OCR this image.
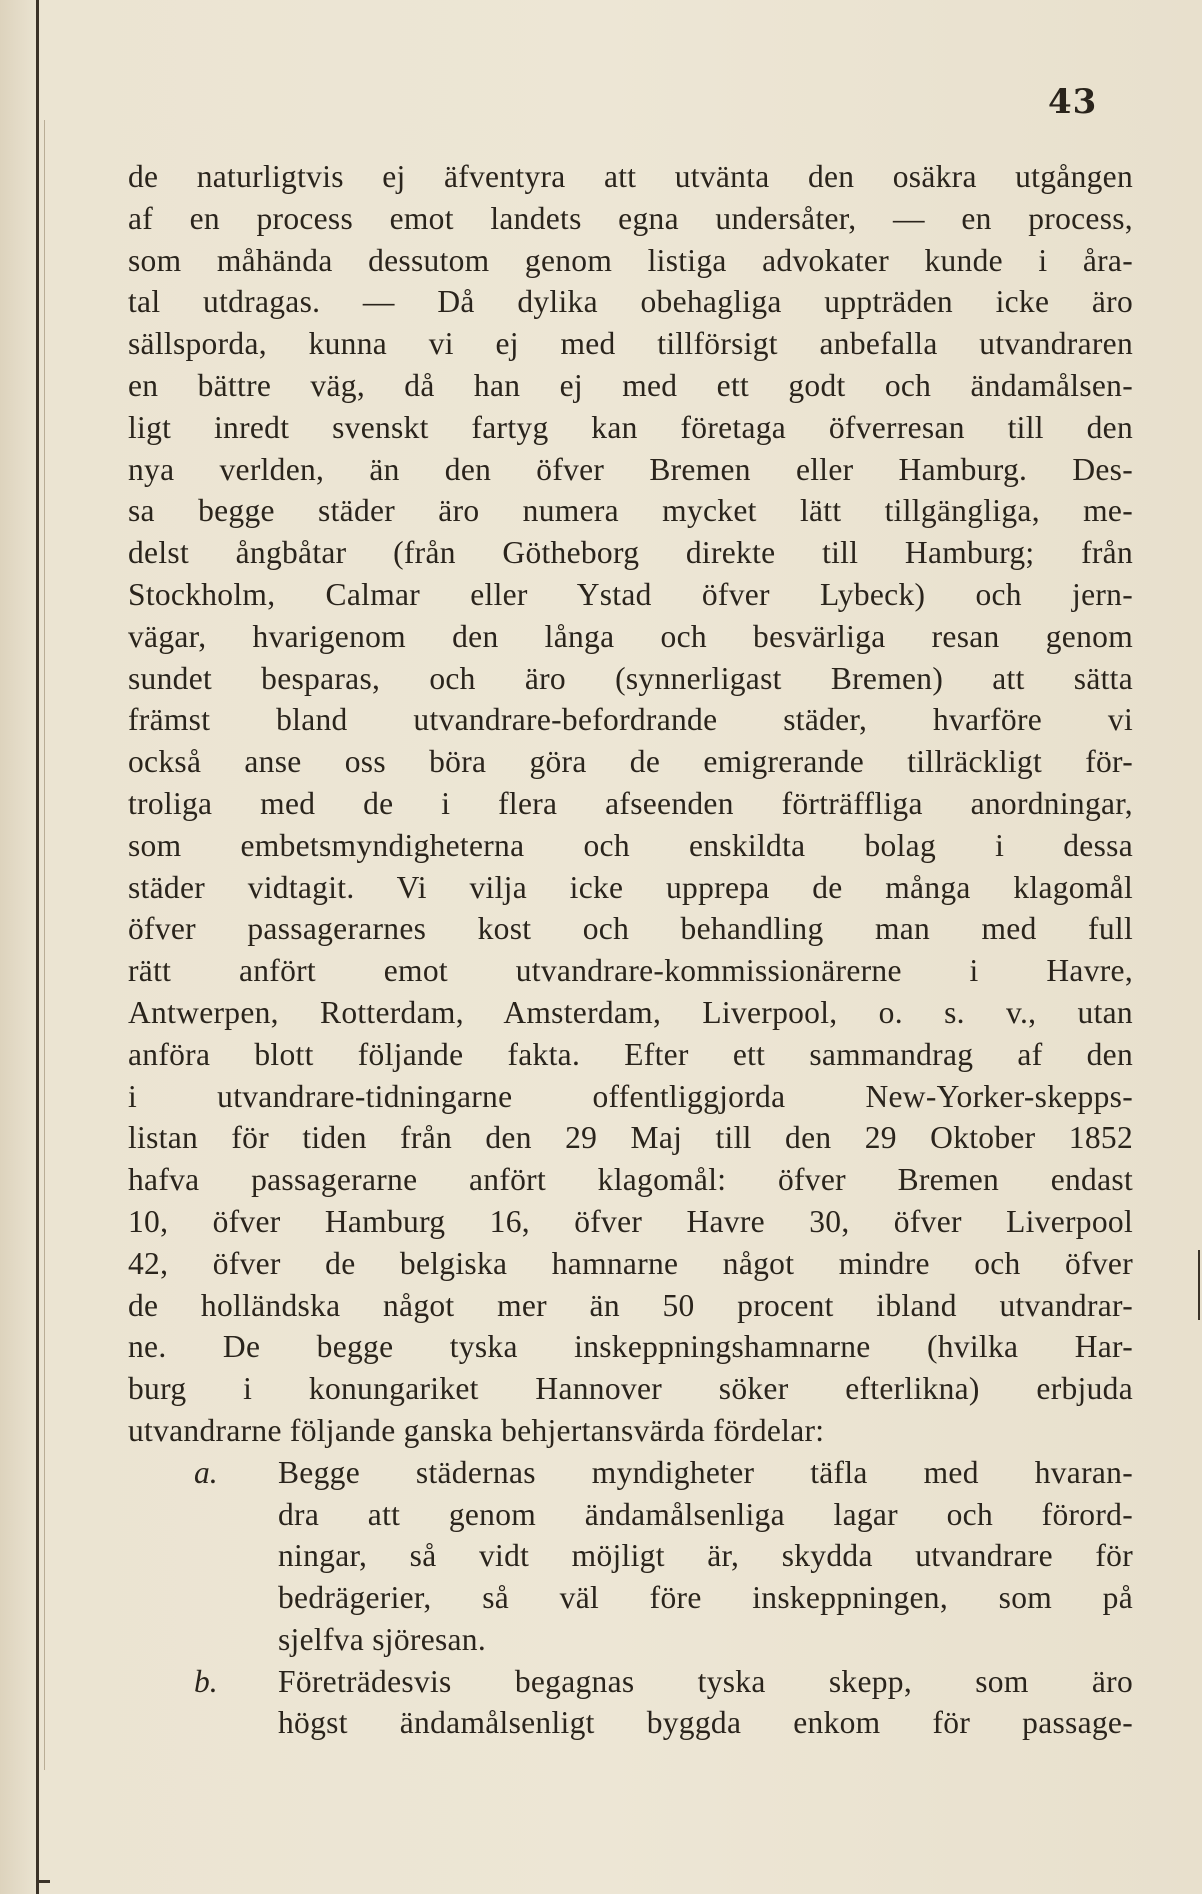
43
de naturligtvis ej äfventyra att utvänta den osäkra utgången
af en process emot landets egna undersåter, — en process,
som måhända dessutom genom listiga advokater kunde i åra-
tal utdragas. — Då dylika obehagliga uppträden icke äro
sällsporda, kunna vi ej med tillförsigt anbefalla utvandraren
en bättre väg, då han ej med ett godt och ändamålsen-
ligt inredt svenskt fartyg kan företaga öfverresan till den
nya verlden, än den öfver Bremen eller Hamburg. Des-
sa begge städer äro numera mycket lätt tillgängliga, me-
delst ångbåtar (från Götheborg direkte till Hamburg; från
Stockholm, Calmar eller Ystad öfver Lybeck) och jern-
vägar, hvarigenom den långa och besvärliga resan genom
sundet besparas, och äro (synnerligast Bremen) att sätta
främst bland utvandrare-befordrande städer, hvarföre vi
också anse oss böra göra de emigrerande tillräckligt för-
troliga med de i flera afseenden förträffliga anordningar,
som embetsmyndigheterna och enskildta bolag i dessa
städer vidtagit. Vi vilja icke upprepa de många klagomål
öfver passagerarnes kost och behandling man med full
rätt anfört emot utvandrare-kommissionärerne i Havre,
Antwerpen, Rotterdam, Amsterdam, Liverpool, o. s. v., utan
anföra blott följande fakta. Efter ett sammandrag af den
i utvandrare-tidningarne offentliggjorda New-Yorker-skepps-
listan för tiden från den 29 Maj till den 29 Oktober 1852
hafva passagerarne anfört klagomål: öfver Bremen endast
10, öfver Hamburg 16, öfver Havre 30, öfver Liverpool
42, öfver de belgiska hamnarne något mindre och öfver
de holländska något mer än 50 procent ibland utvandrar-
ne. De begge tyska inskeppningshamnarne (hvilka Har-
burg i konungariket Hannover söker efterlikna) erbjuda
utvandrarne följande ganska behjertansvärda fördelar:
a. Begge städernas myndigheter täfla med hvaran-
dra att genom ändamålsenliga lagar och förord-
ningar, så vidt möjligt är, skydda utvandrare för
bedrägerier, så väl före inskeppningen, som på
sjelfva sjöresan.
b. Företrädesvis begagnas tyska skepp, som äro
högst ändamålsenligt byggda enkom för passage-
